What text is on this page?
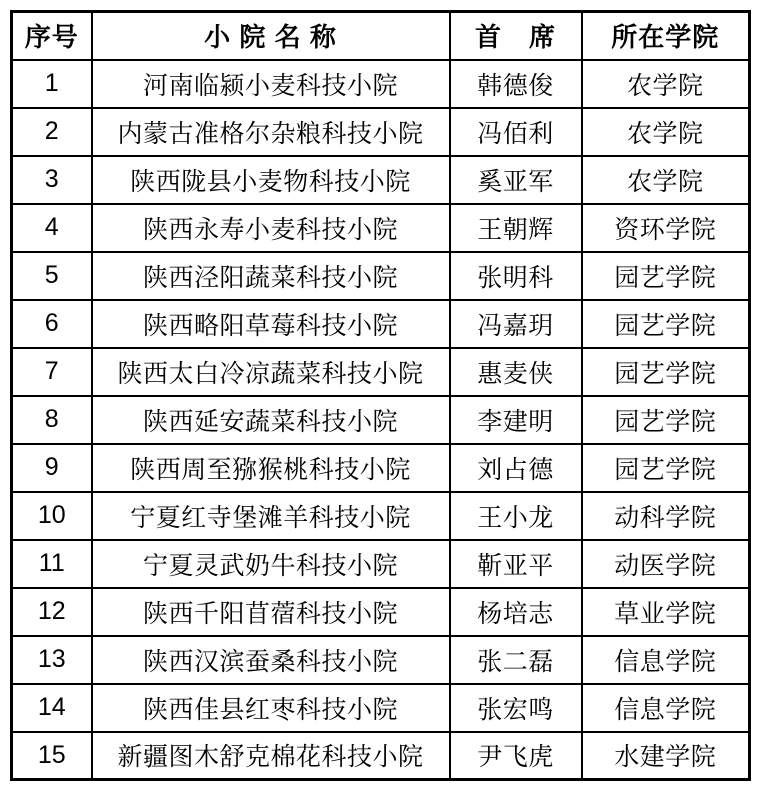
序号	小 院 名 称	首　席	所在学院
1	河南临颍小麦科技小院	韩德俊	农学院
2	内蒙古准格尔杂粮科技小院	冯佰利	农学院
3	陕西陇县小麦物科技小院	奚亚军	农学院
4	陕西永寿小麦科技小院	王朝辉	资环学院
5	陕西泾阳蔬菜科技小院	张明科	园艺学院
6	陕西略阳草莓科技小院	冯嘉玥	园艺学院
7	陕西太白冷凉蔬菜科技小院	惠麦侠	园艺学院
8	陕西延安蔬菜科技小院	李建明	园艺学院
9	陕西周至猕猴桃科技小院	刘占德	园艺学院
10	宁夏红寺堡滩羊科技小院	王小龙	动科学院
11	宁夏灵武奶牛科技小院	靳亚平	动医学院
12	陕西千阳苜蓿科技小院	杨培志	草业学院
13	陕西汉滨蚕桑科技小院	张二磊	信息学院
14	陕西佳县红枣科技小院	张宏鸣	信息学院
15	新疆图木舒克棉花科技小院	尹飞虎	水建学院
